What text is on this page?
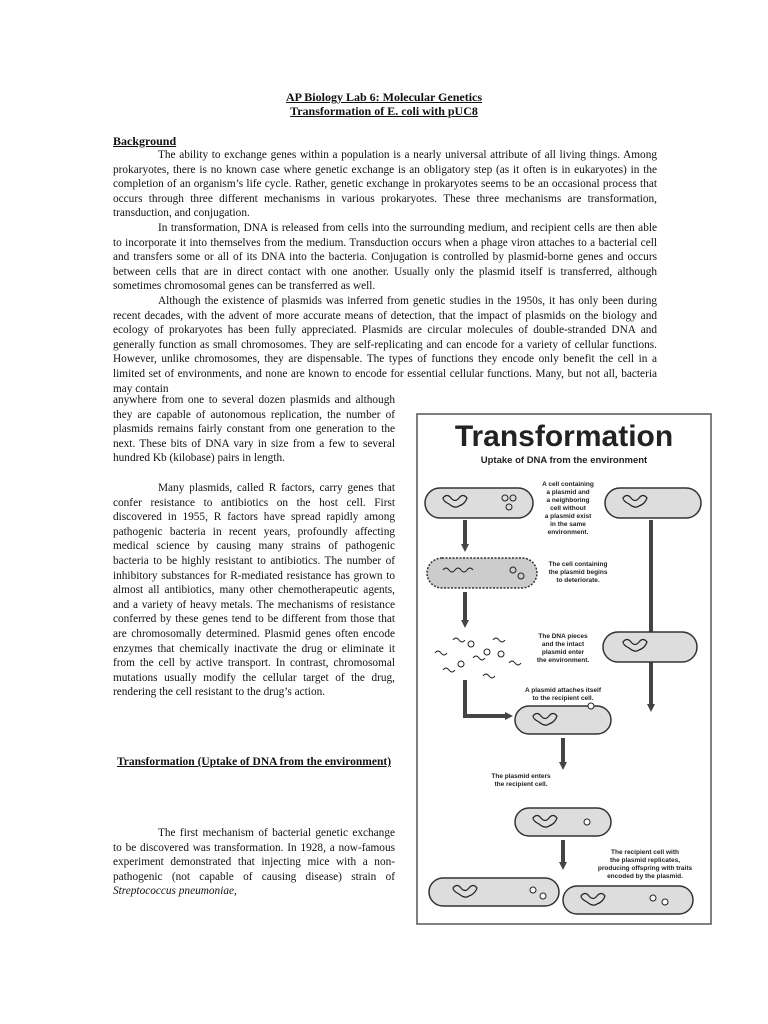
AP Biology Lab 6: Molecular Genetics
Transformation of E. coli with pUC8
Background

The ability to exchange genes within a population is a nearly universal attribute of all living things. Among prokaryotes, there is no known case where genetic exchange is an obligatory step (as it often is in eukaryotes) in the completion of an organism’s life cycle. Rather, genetic exchange in prokaryotes seems to be an occasional process that occurs through three different mechanisms in various prokaryotes. These three mechanisms are transformation, transduction, and conjugation.

In transformation, DNA is released from cells into the surrounding medium, and recipient cells are then able to incorporate it into themselves from the medium. Transduction occurs when a phage viron attaches to a bacterial cell and transfers some or all of its DNA into the bacteria. Conjugation is controlled by plasmid-borne genes and occurs between cells that are in direct contact with one another. Usually only the plasmid itself is transferred, although sometimes chromosomal genes can be transferred as well.

Although the existence of plasmids was inferred from genetic studies in the 1950s, it has only been during recent decades, with the advent of more accurate means of detection, that the impact of plasmids on the biology and ecology of prokaryotes has been fully appreciated. Plasmids are circular molecules of double-stranded DNA and generally function as small chromosomes. They are self-replicating and can encode for a variety of cellular functions. However, unlike chromosomes, they are dispensable. The types of functions they encode only benefit the cell in a limited set of environments, and none are known to encode for essential cellular functions. Many, but not all, bacteria may contain

anywhere from one to several dozen plasmids and although they are capable of autonomous replication, the number of plasmids remains fairly constant from one generation to the next. These bits of DNA vary in size from a few to several hundred Kb (kilobase) pairs in length.

Many plasmids, called R factors, carry genes that confer resistance to antibiotics on the host cell. First discovered in 1955, R factors have spread rapidly among pathogenic bacteria in recent years, profoundly affecting medical science by causing many strains of pathogenic bacteria to be highly resistant to antibiotics. The number of inhibitory substances for R-mediated resistance has grown to almost all antibiotics, many other chemotherapeutic agents, and a variety of heavy metals. The mechanisms of resistance conferred by these genes tend to be different from those that are chromosomally determined. Plasmid genes often encode enzymes that chemically inactivate the drug or eliminate it from the cell by active transport. In contrast, chromosomal mutations usually modify the cellular target of the drug, rendering the cell resistant to the drug’s action.

Transformation (Uptake of DNA from the environment)

The first mechanism of bacterial genetic exchange to be discovered was transformation. In 1928, a now-famous experiment demonstrated that injecting mice with a non-pathogenic (not capable of causing disease) strain of Streptococcus pneumoniae,

Transformation
Uptake of DNA from the environment
A cell containing
a plasmid and
a neighboring
cell without
a plasmid exist
in the same
environment.
The cell containing
the plasmid begins
to deteriorate.
The DNA pieces
and the intact
plasmid enter
the environment.
A plasmid attaches itself
to the recipient cell.
The plasmid enters
the recipient cell.
The recipient cell with
the plasmid replicates,
producing offspring with traits
encoded by the plasmid.
